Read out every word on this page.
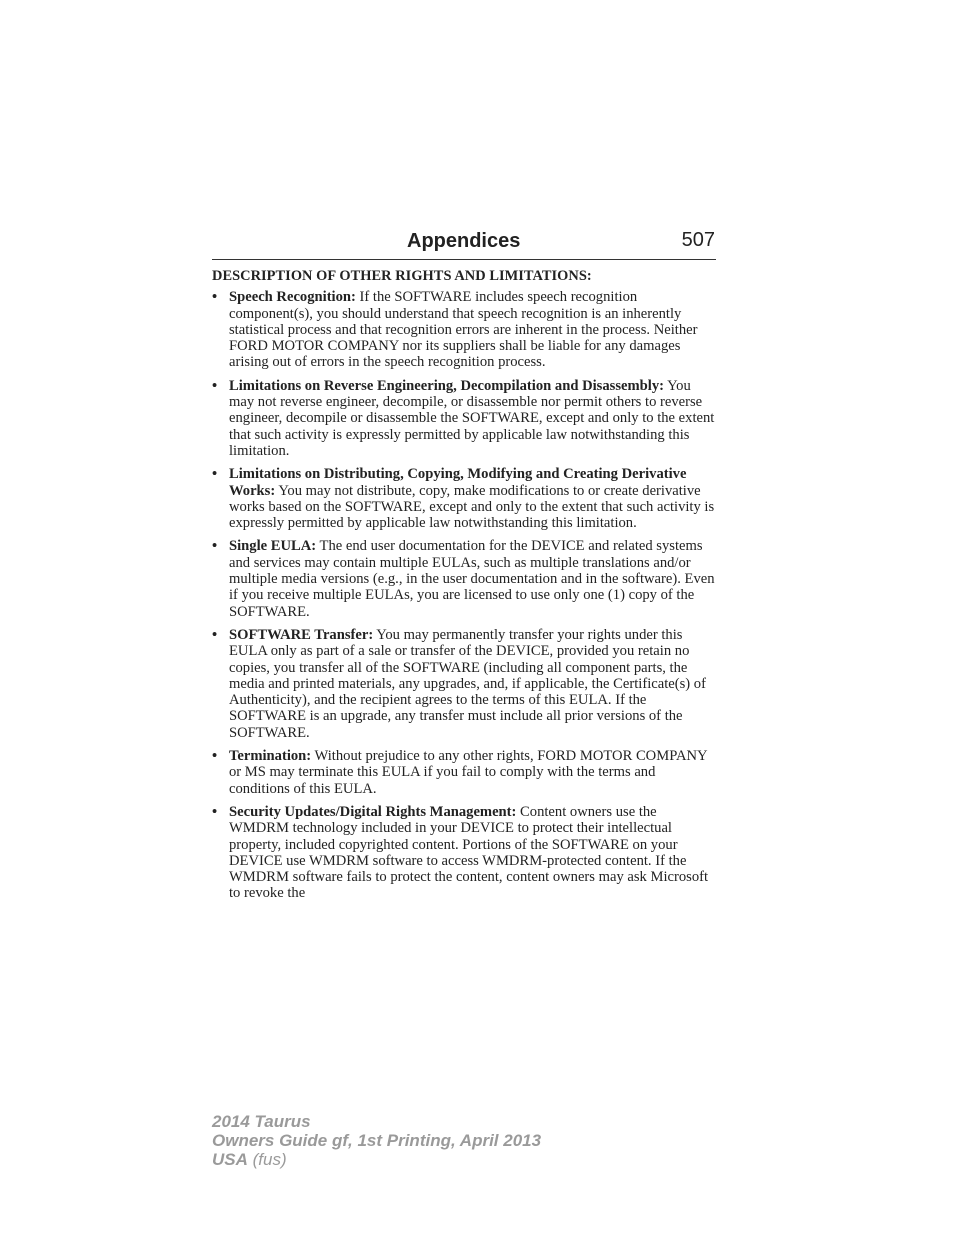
Appendices	507
DESCRIPTION OF OTHER RIGHTS AND LIMITATIONS:
• Speech Recognition: If the SOFTWARE includes speech recognition component(s), you should understand that speech recognition is an inherently statistical process and that recognition errors are inherent in the process. Neither FORD MOTOR COMPANY nor its suppliers shall be liable for any damages arising out of errors in the speech recognition process.
• Limitations on Reverse Engineering, Decompilation and Disassembly: You may not reverse engineer, decompile, or disassemble nor permit others to reverse engineer, decompile or disassemble the SOFTWARE, except and only to the extent that such activity is expressly permitted by applicable law notwithstanding this limitation.
• Limitations on Distributing, Copying, Modifying and Creating Derivative Works: You may not distribute, copy, make modifications to or create derivative works based on the SOFTWARE, except and only to the extent that such activity is expressly permitted by applicable law notwithstanding this limitation.
• Single EULA: The end user documentation for the DEVICE and related systems and services may contain multiple EULAs, such as multiple translations and/or multiple media versions (e.g., in the user documentation and in the software). Even if you receive multiple EULAs, you are licensed to use only one (1) copy of the SOFTWARE.
• SOFTWARE Transfer: You may permanently transfer your rights under this EULA only as part of a sale or transfer of the DEVICE, provided you retain no copies, you transfer all of the SOFTWARE (including all component parts, the media and printed materials, any upgrades, and, if applicable, the Certificate(s) of Authenticity), and the recipient agrees to the terms of this EULA. If the SOFTWARE is an upgrade, any transfer must include all prior versions of the SOFTWARE.
• Termination: Without prejudice to any other rights, FORD MOTOR COMPANY or MS may terminate this EULA if you fail to comply with the terms and conditions of this EULA.
• Security Updates/Digital Rights Management: Content owners use the WMDRM technology included in your DEVICE to protect their intellectual property, included copyrighted content. Portions of the SOFTWARE on your DEVICE use WMDRM software to access WMDRM-protected content. If the WMDRM software fails to protect the content, content owners may ask Microsoft to revoke the
2014 Taurus
Owners Guide gf, 1st Printing, April 2013
USA (fus)
